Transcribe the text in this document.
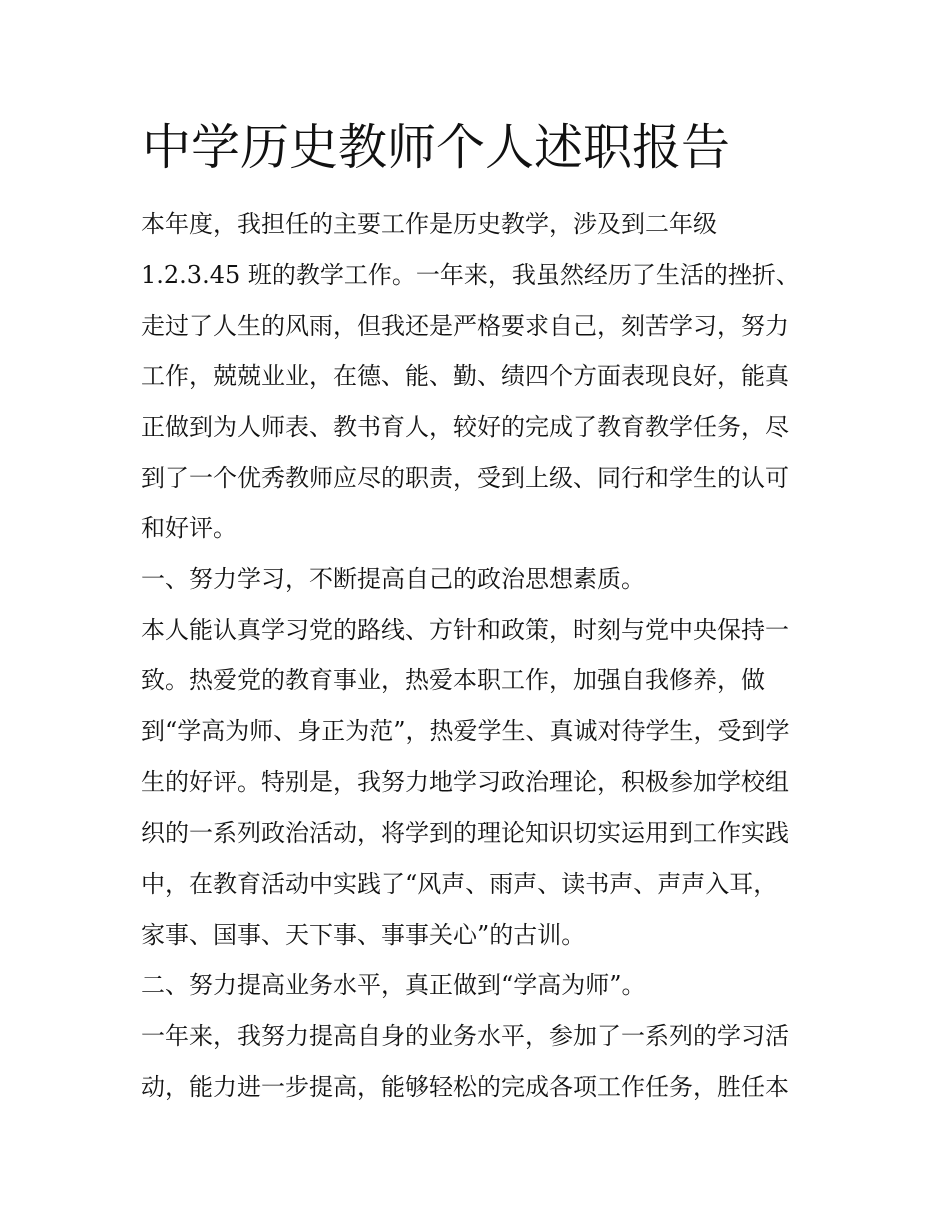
中学历史教师个人述职报告

本年度，我担任的主要工作是历史教学，涉及到二年级

1.2.3.45 班的教学工作。一年来，我虽然经历了生活的挫折、

走过了人生的风雨，但我还是严格要求自己，刻苦学习，努力

工作，兢兢业业，在德、能、勤、绩四个方面表现良好，能真

正做到为人师表、教书育人，较好的完成了教育教学任务，尽

到了一个优秀教师应尽的职责，受到上级、同行和学生的认可

和好评。

一、努力学习，不断提高自己的政治思想素质。

本人能认真学习党的路线、方针和政策，时刻与党中央保持一

致。热爱党的教育事业，热爱本职工作，加强自我修养，做

到“学高为师、身正为范”，热爱学生、真诚对待学生，受到学

生的好评。特别是，我努力地学习政治理论，积极参加学校组

织的一系列政治活动，将学到的理论知识切实运用到工作实践

中，在教育活动中实践了“风声、雨声、读书声、声声入耳，

家事、国事、天下事、事事关心”的古训。

二、努力提高业务水平，真正做到“学高为师”。

一年来，我努力提高自身的业务水平，参加了一系列的学习活

动，能力进一步提高，能够轻松的完成各项工作任务，胜任本
